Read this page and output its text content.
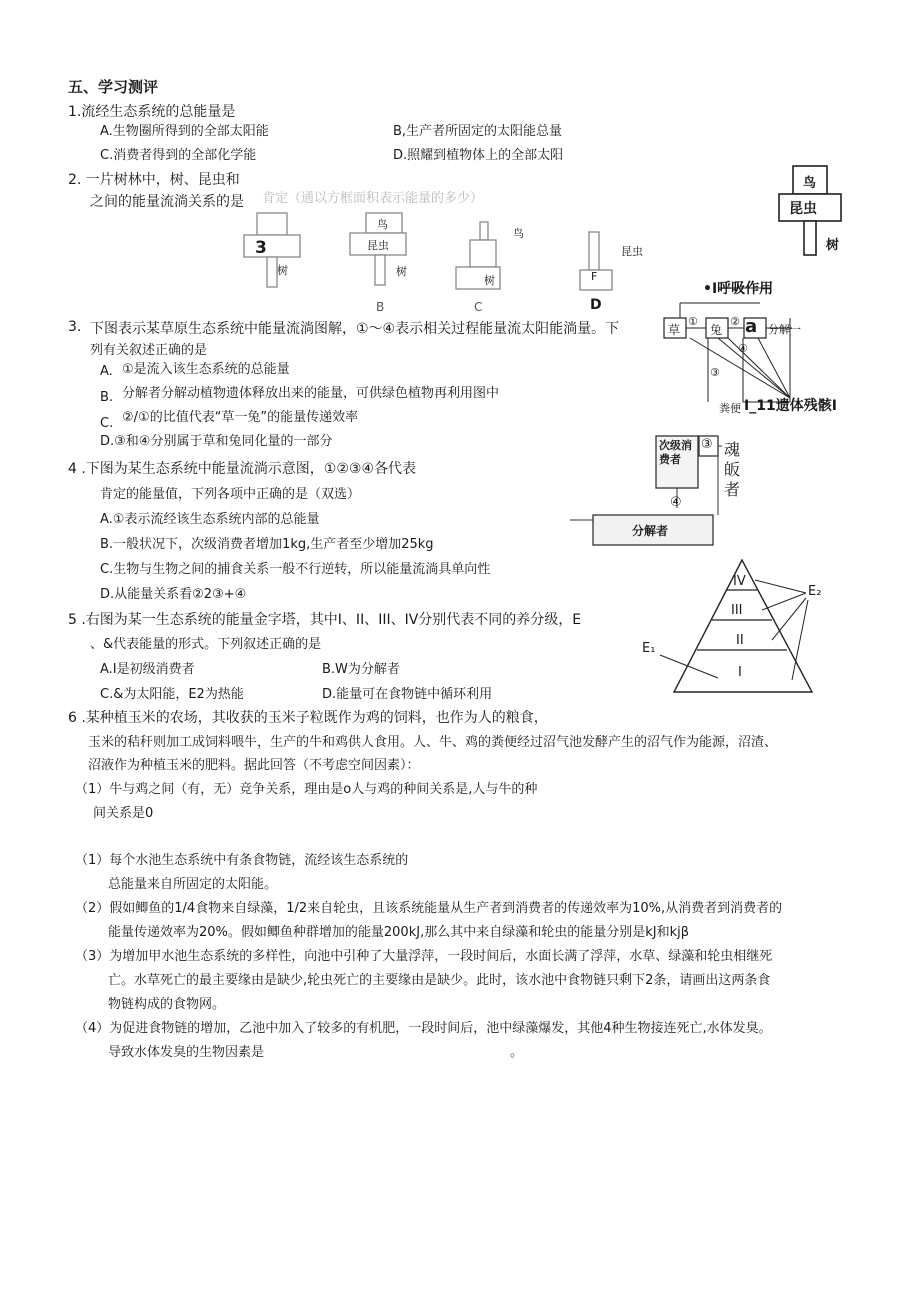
五、学习测评
1.流经生态系统的总能量是
A.生物圈所得到的全部太阳能	B,生产者所固定的太阳能总量
C.消费者得到的全部化学能	D.照耀到植物体上的全部太阳
2. 一片树林中，树、昆虫和
之间的能量流淌关系的是 肯定（通以方框面积表示能量的多少）
鸟
昆虫
树
3
树
鸟
昆虫
树
鸟
树
昆虫
F
B	C	D
3. 下图表示某草原生态系统中能量流淌图解，①～④表示相关过程能量流太阳能淌量。下
列有关叙述正确的是
A. ①是流入该生态系统的总能量
B. 分解者分解动植物遗体释放出来的能量，可供绿色植物再利用图中
C. ②/①的比值代表“草一兔”的能量传递效率
D.③和④分别属于草和兔同化量的一部分
•I呼吸作用
草 兔 a 分解一
①	②
③
④
粪便 I_11遗体残骸I
4 .下图为某生态系统中能量流淌示意图，①②③④各代表
肯定的能量值，下列各项中正确的是（双选）
A.①表示流经该生态系统内部的总能量
B.一般状况下，次级消费者增加1kg,生产者至少增加25kg
C.生物与生物之间的捕食关系一般不行逆转，所以能量流淌具单向性
D.从能量关系看②2③+④
次级消费者
③
④
魂皈者
分解者
5 .右图为某一生态系统的能量金字塔，其中I、II、III、IV分别代表不同的养分级，E
、&代表能量的形式。下列叙述正确的是
A.I是初级消费者	B.W为分解者
C.&为太阳能，E2为热能	D.能量可在食物链中循环利用
IV
III
II
I
E₁
E₂
6 .某种植玉米的农场，其收获的玉米子粒既作为鸡的饲料，也作为人的粮食，
玉米的秸秆则加工成饲料喂牛，生产的牛和鸡供人食用。人、牛、鸡的粪便经过沼气池发酵产生的沼气作为能源，沼渣、
沼液作为种植玉米的肥料。据此回答（不考虑空间因素）：
（1）牛与鸡之间（有，无）竞争关系，理由是o人与鸡的种间关系是,人与牛的种
间关系是0
（1）每个水池生态系统中有条食物链，流经该生态系统的
总能量来自所固定的太阳能。
（2）假如鲫鱼的1/4食物来自绿藻，1/2来自轮虫，且该系统能量从生产者到消费者的传递效率为10%,从消费者到消费者的
能量传递效率为20%。假如鲫鱼种群增加的能量200kJ,那么其中来自绿藻和轮虫的能量分别是kJ和kjβ
（3）为增加甲水池生态系统的多样性，向池中引种了大量浮萍，一段时间后，水面长满了浮萍，水草、绿藻和轮虫相继死
亡。水草死亡的最主要缘由是缺少,轮虫死亡的主要缘由是缺少。此时，该水池中食物链只剩下2条，请画出这两条食
物链构成的食物网。
（4）为促进食物链的增加，乙池中加入了较多的有机肥，一段时间后，池中绿藻爆发，其他4种生物接连死亡,水体发臭。
导致水体发臭的生物因素是	。
